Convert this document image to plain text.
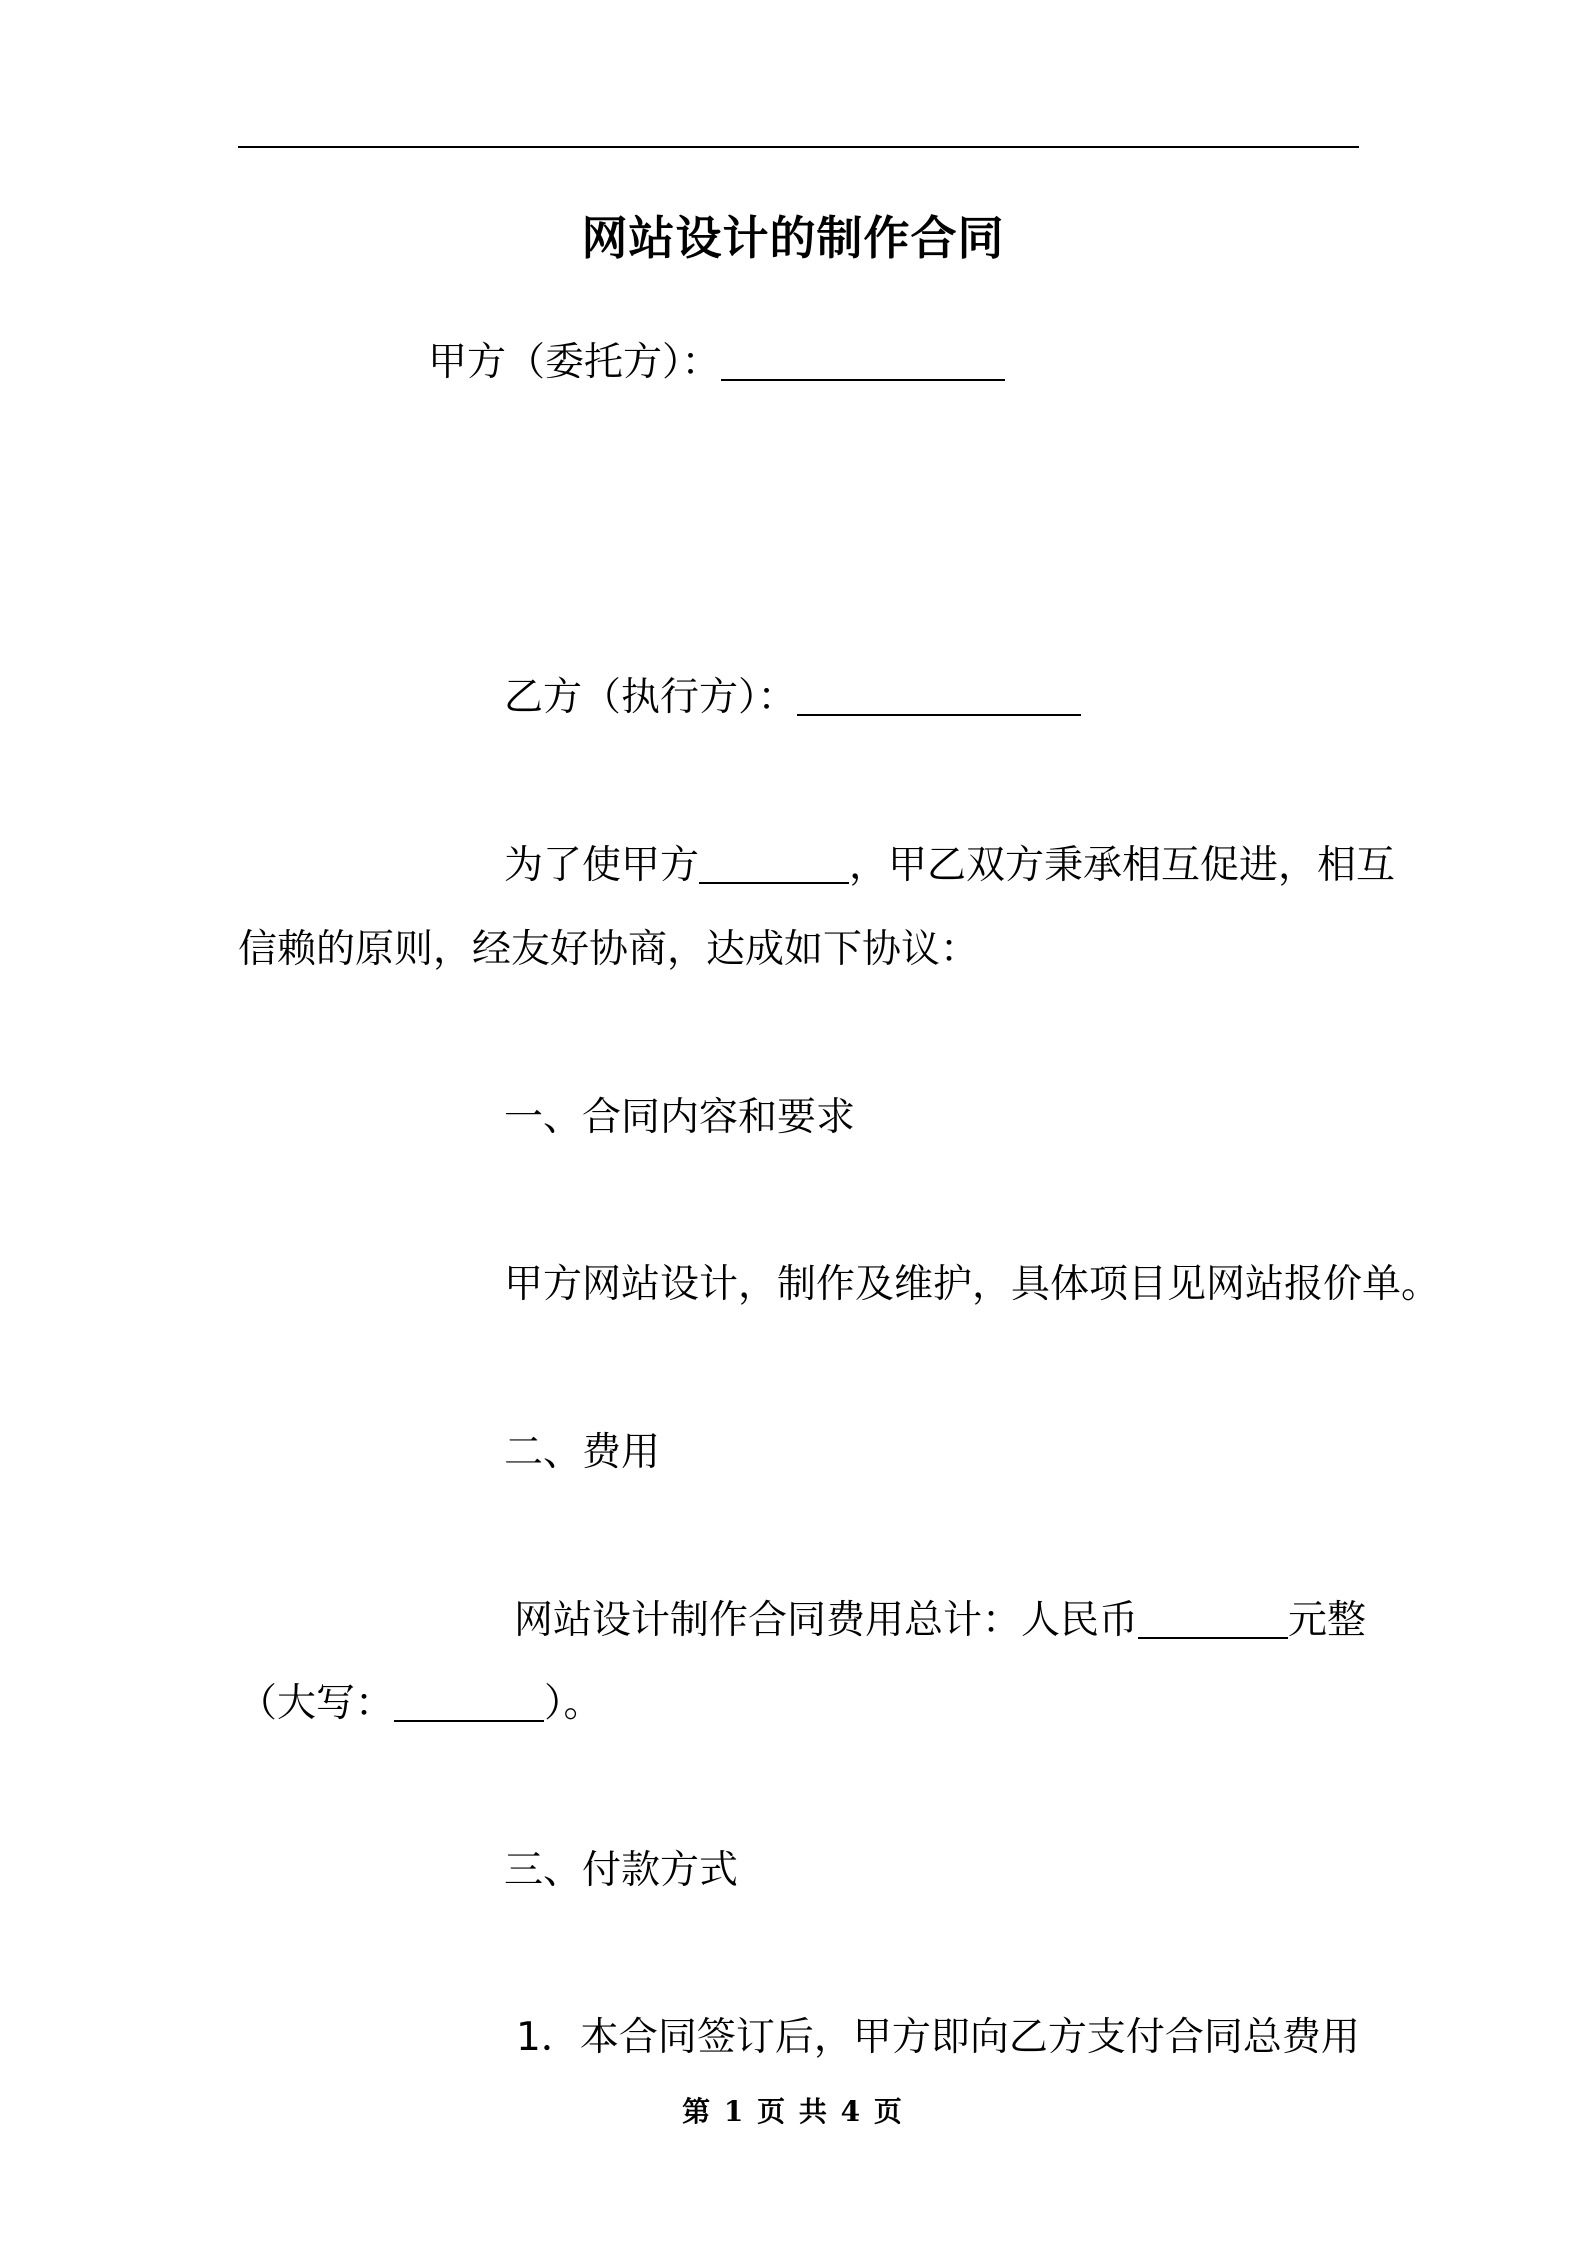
网站设计的制作合同
甲方（委托方）：
乙方（执行方）：
为了使甲方	，甲乙双方秉承相互促进，相互
信赖的原则，经友好协商，达成如下协议：
一、合同内容和要求
甲方网站设计，制作及维护，具体项目见网站报价单。
二、费用
网站设计制作合同费用总计：人民币	元整
（大写：	）。
三、付款方式
1．本合同签订后，甲方即向乙方支付合同总费用
第 1 页 共 4 页
